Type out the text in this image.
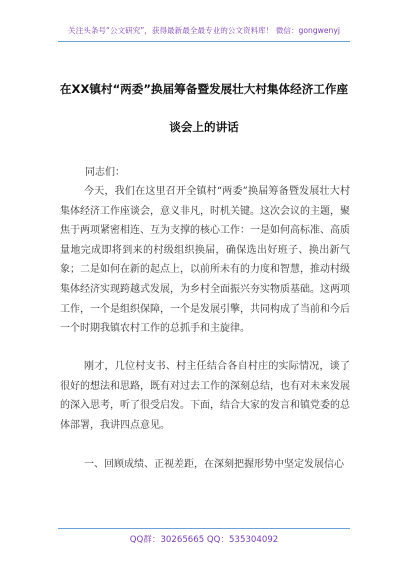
关注头条号“公文研究”，获得最新最全最专业的公文资料库！ 微信：gongwenyj
在XX镇村“两委”换届筹备暨发展壮大村集体经济工作座
谈会上的讲话

同志们：

今天，我们在这里召开全镇村“两委”换届筹备暨发展壮大村集体经济工作座谈会，意义非凡，时机关键。这次会议的主题，聚焦于两项紧密相连、互为支撑的核心工作：一是如何高标准、高质量地完成即将到来的村级组织换届，确保选出好班子、换出新气象；二是如何在新的起点上，以前所未有的力度和智慧，推动村级集体经济实现跨越式发展，为乡村全面振兴夯实物质基础。这两项工作，一个是组织保障，一个是发展引擎，共同构成了当前和今后一个时期我镇农村工作的总抓手和主旋律。

刚才，几位村支书、村主任结合各自村庄的实际情况，谈了很好的想法和思路，既有对过去工作的深刻总结，也有对未来发展的深入思考，听了很受启发。下面，结合大家的发言和镇党委的总体部署，我讲四点意见。

一、回顾成绩、正视差距，在深刻把握形势中坚定发展信心

QQ群：30265665 QQ：535304092
